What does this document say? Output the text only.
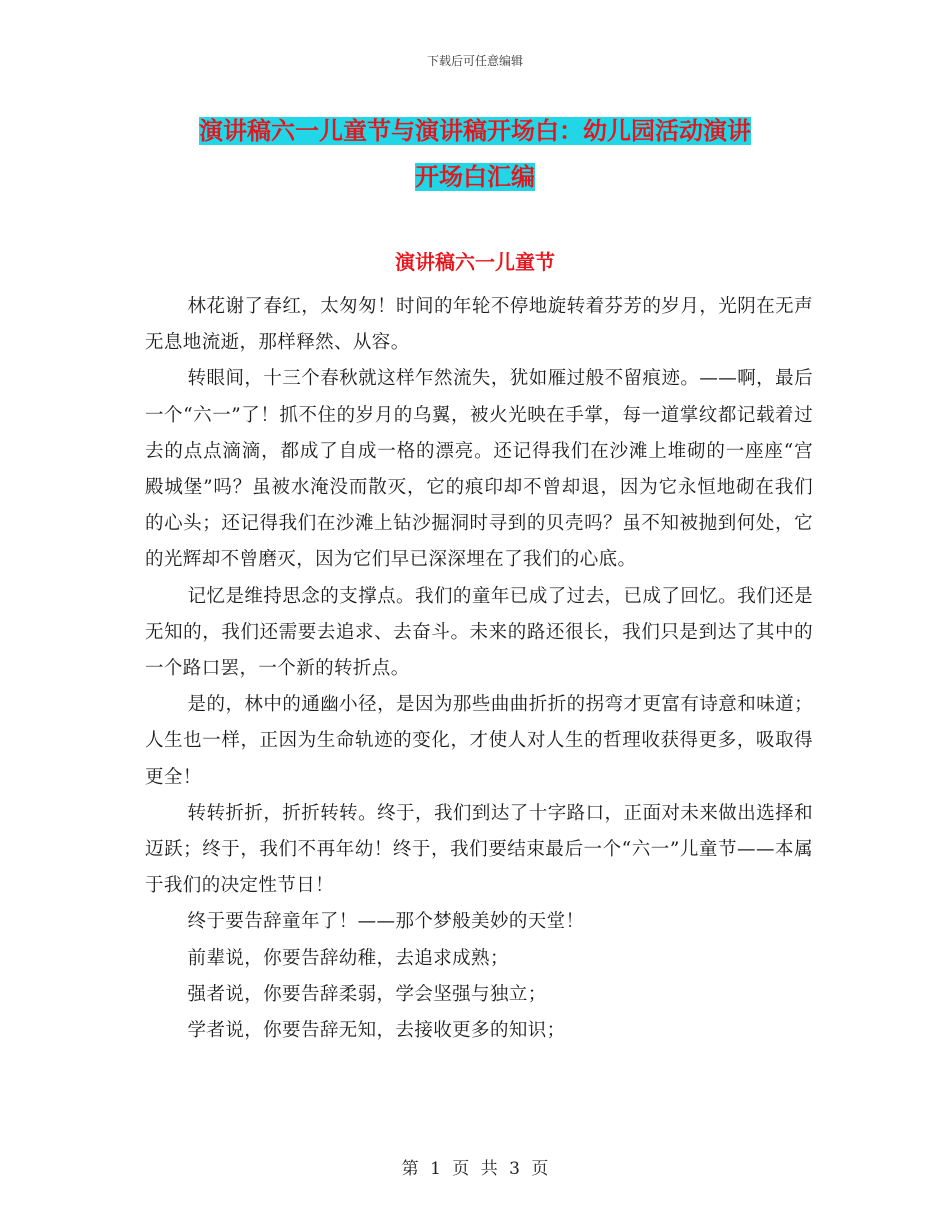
下载后可任意编辑
演讲稿六一儿童节与演讲稿开场白：幼儿园活动演讲
开场白汇编
演讲稿六一儿童节

林花谢了春红，太匆匆！时间的年轮不停地旋转着芬芳的岁月，光阴在无声无息地流逝，那样释然、从容。

转眼间，十三个春秋就这样乍然流失，犹如雁过般不留痕迹。——啊，最后一个“六一”了！抓不住的岁月的乌翼，被火光映在手掌，每一道掌纹都记载着过去的点点滴滴，都成了自成一格的漂亮。还记得我们在沙滩上堆砌的一座座“宫殿城堡”吗？虽被水淹没而散灭，它的痕印却不曾却退，因为它永恒地砌在我们的心头；还记得我们在沙滩上钻沙掘洞时寻到的贝壳吗？虽不知被抛到何处，它的光辉却不曾磨灭，因为它们早已深深埋在了我们的心底。

记忆是维持思念的支撑点。我们的童年已成了过去，已成了回忆。我们还是无知的，我们还需要去追求、去奋斗。未来的路还很长，我们只是到达了其中的一个路口罢，一个新的转折点。

是的，林中的通幽小径，是因为那些曲曲折折的拐弯才更富有诗意和味道；人生也一样，正因为生命轨迹的变化，才使人对人生的哲理收获得更多，吸取得更全！

转转折折，折折转转。终于，我们到达了十字路口，正面对未来做出选择和迈跃；终于，我们不再年幼！终于，我们要结束最后一个“六一”儿童节——本属于我们的决定性节日！

终于要告辞童年了！——那个梦般美妙的天堂！

前辈说，你要告辞幼稚，去追求成熟；

强者说，你要告辞柔弱，学会坚强与独立；

学者说，你要告辞无知，去接收更多的知识；

第 1 页 共 3 页
